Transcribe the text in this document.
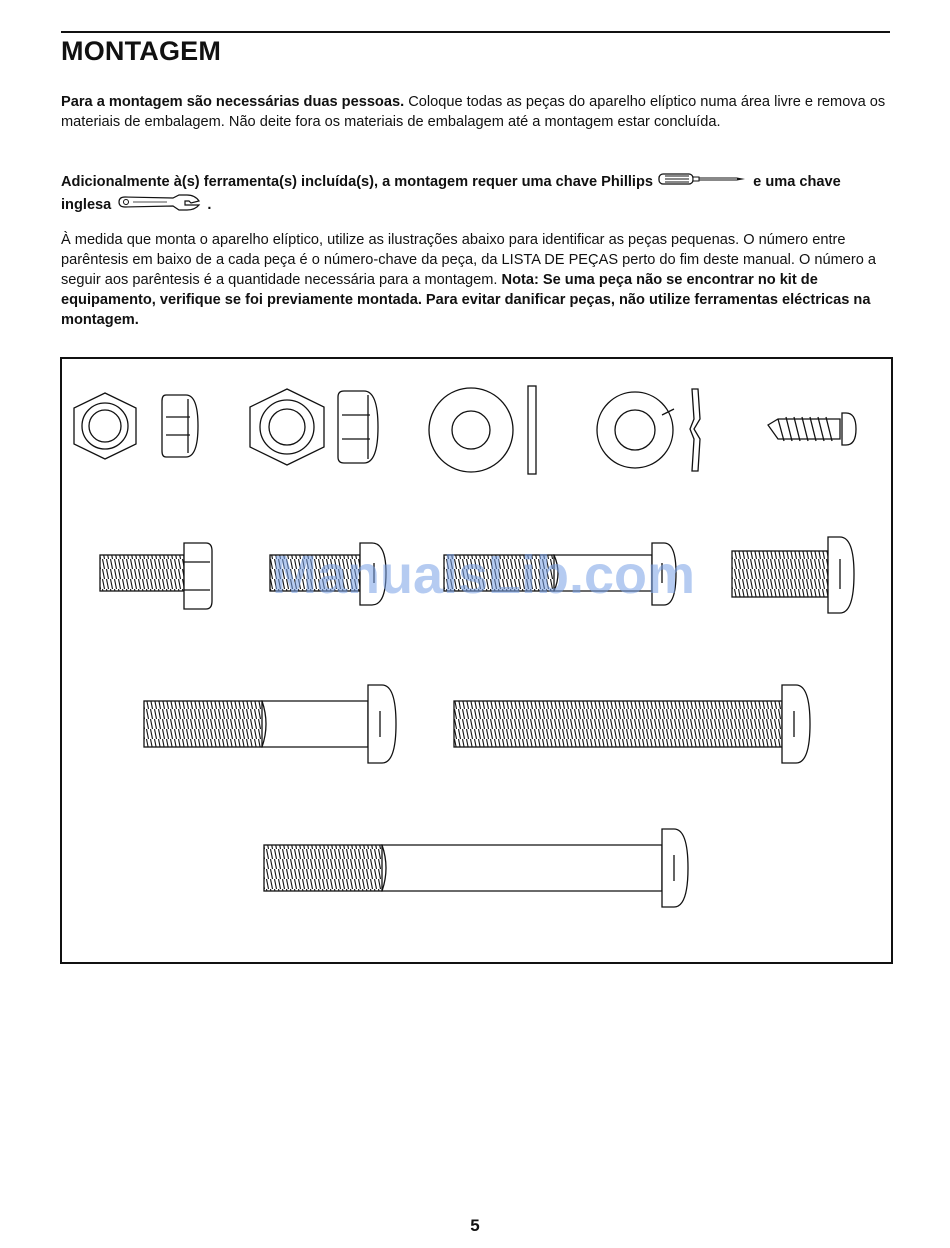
MONTAGEM

Para a montagem são necessárias duas pessoas. Coloque todas as peças do aparelho elíptico numa área livre e remova os materiais de embalagem. Não deite fora os materiais de embalagem até a montagem estar concluída.

Adicionalmente à(s) ferramenta(s) incluída(s), a montagem requer uma chave Phillips	e uma chave inglesa	.

À medida que monta o aparelho elíptico, utilize as ilustrações abaixo para identificar as peças pequenas. O número entre parêntesis em baixo de a cada peça é o número-chave da peça, da LISTA DE PEÇAS perto do fim deste manual. O número a seguir aos parêntesis é a quantidade necessária para a montagem. Nota: Se uma peça não se encontrar no kit de equipamento, verifique se foi previamente montada. Para evitar danificar peças, não utilize ferramentas eléctricas na montagem.

ManualsLib.com
5
